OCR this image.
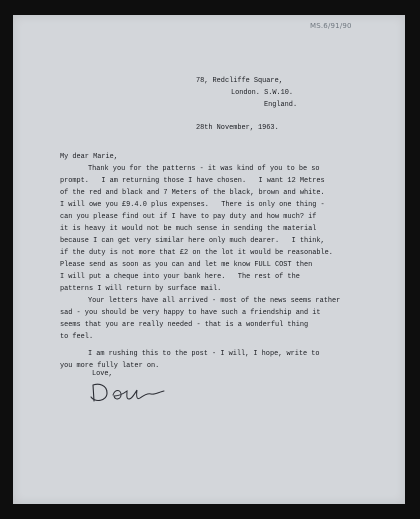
MS.6/91/90
78, Redcliffe Square,
London. S.W.10.
England.
28th November, 1963.
My dear Marie,
Thank you for the patterns - it was kind of you to be so
prompt.   I am returning those I have chosen.   I want 12 Metres
of the red and black and 7 Meters of the black, brown and white.
I will owe you £9.4.0 plus expenses.   There is only one thing -
can you please find out if I have to pay duty and how much? if
it is heavy it would not be much sense in sending the material
because I can get very similar here only much dearer.   I think,
if the duty is not more that £2 on the lot it would be reasonable.
Please send as soon as you can and let me know FULL COST then
I will put a cheque into your bank here.   The rest of the
patterns I will return by surface mail.
Your letters have all arrived - most of the news seems rather
sad - you should be very happy to have such a friendship and it
seems that you are really needed - that is a wonderful thing
to feel.
I am rushing this to the post - I will, I hope, write to
you more fully later on.
Love,
